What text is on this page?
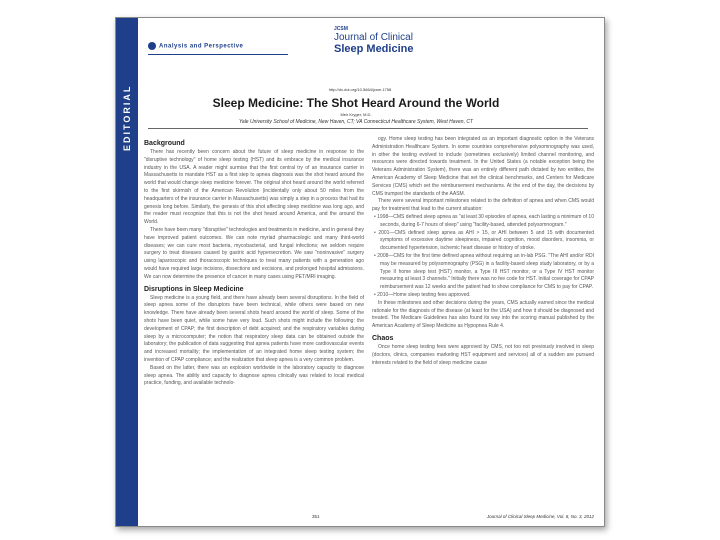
EDITORIAL
Analysis and Perspective
JCSM
Journal of Clinical
Sleep Medicine
http://dx.doi.org/10.5664/jcsm.1758
Sleep Medicine: The Shot Heard Around the World
Meir Kryger, M.D.
Yale University School of Medicine, New Haven, CT; VA Connecticut Healthcare System, West Haven, CT
Background
There has recently been concern about the future of sleep medicine in response to the "disruptive technology" of home sleep testing (HST) and its embrace by the medical insurance industry in the USA. A reader might surmise that the first central try of an insurance carrier in Massachusetts to mandate HST as a first step to apnea diagnosis was the shot heard around the world that would change sleep medicine forever. The original shot heard around the world referred to the first skirmish of the American Revolution (incidentally only about 50 miles from the headquarters of the insurance carrier in Massachusetts) was simply a step in a process that had its genesis long before. Similarly, the genesis of this shot affecting sleep medicine was long ago, and the reader must recognize that this is not the shot heard around America, and the around the World.
There have been many "disruptive" technologies and treatments in medicine, and in general they have improved patient outcomes. We can note myriad pharmacologic and many third-world diseases; we can cure most bacteria, mycobacterial, and fungal infections; we seldom require surgery to treat diseases caused by gastric acid hypersecretion. We saw "noninvasive" surgery using laparoscopic and thoracoscopic techniques to treat many patients with a generation ago would have required large incisions, dissections and excisions, and prolonged hospital admissions. We can now determine the presence of cancer in many cases using PET/MRI imaging.
Disruptions in Sleep Medicine
Sleep medicine is a young field, and there have already been several disruptions. In the field of sleep apnea some of the disruptors have been technical, while others were based on new knowledge. There have already been several shots heard around the world of sleep. Some of the shots have been quiet, while some have very loud. Such shots might include the following: the development of CPAP; the first description of debt acquired; and the respiratory variables during sleep by a microcomputer; the notion that respiratory sleep data can be obtained outside the laboratory; the publication of data suggesting that apnea patients have more cardiovascular events and increased mortality; the implementation of an integrated home sleep testing system; the invention of CPAP compliance; and the realization that sleep apnea is a very common problem.
Based on the latter, there was an explosion worldwide in the laboratory capacity to diagnose sleep apnea. The ability and capacity to diagnose apnea clinically was related to local medical practice, funding, and available technolo-
ogy. Home sleep testing has been integrated as an important diagnostic option in the Veterans Administration Healthcare System. In some countries comprehensive polysomnography was used, in other the testing evolved to include (sometimes exclusively) limited channel monitoring, and resources were directed towards treatment. In the United States (a notable exception being the Veterans Administration System), there was an entirely different path dictated by two entities, the American Academy of Sleep Medicine that set the clinical benchmarks, and Centers for Medicare Services (CMS) which set the reimbursement mechanisms. At the end of the day, the decisions by CMS trumped the standards of the AASM.
There were several important milestones related to the definition of apnea and when CMS would pay for treatment that lead to the current situation:
• 1998—CMS defined sleep apnea as "at least 30 episodes of apnea, each lasting a minimum of 10 seconds, during 6-7 hours of sleep" using "facility-based, attended polysomnogram."
• 2001—CMS defined sleep apnea as AHI > 15, or AHI between 5 and 15 with documented symptoms of excessive daytime sleepiness, impaired cognition, mood disorders, insomnia, or documented hypertension, ischemic heart disease or history of stroke.
• 2008—CMS for the first time defined apnea without requiring an in-lab PSG. "The AHI and/or RDI may be measured by polysomnography (PSG) in a facility-based sleep study laboratory, or by a Type II home sleep test (HST) monitor, a Type III HST monitor, or a Type IV HST monitor measuring at least 3 channels." Initially there was no fee code for HST. Initial coverage for CPAP reimbursement was 12 weeks and the patient had to show compliance for CMS to pay for CPAP.
• 2010—Home sleep testing fees approved.
In these milestones and other decisions during the years, CMS actually earned since the medical rationale for the diagnosis of the disease (at least for the USA) and how it should be diagnosed and treated. The Medicare Guidelines has also found its way into the scoring manual published by the American Academy of Sleep Medicine as Hypopnea Rule 4.
Chaos
Once home sleep testing fees were approved by CMS, not too not previously involved in sleep (doctors, clinics, companies marketing HST equipment and services) all of a sudden are pursued interests related to the field of sleep medicine cause
351	Journal of Clinical Sleep Medicine, Vol. 8, No. 3, 2012
